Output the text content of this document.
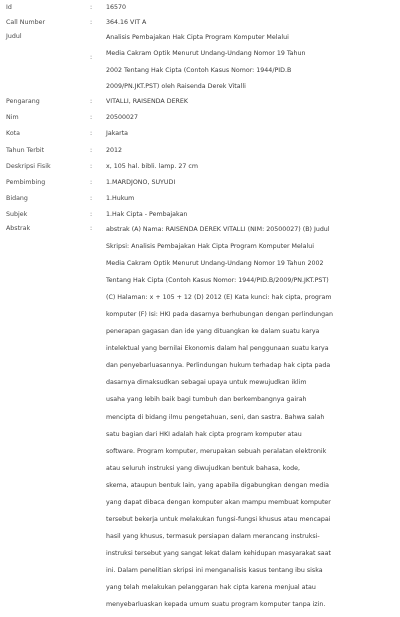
Id	: 16570
Call Number	: 364.16 VIT A
Judul
:
Analisis Pembajakan Hak Cipta Program Komputer Melalui
Media Cakram Optik Menurut Undang-Undang Nomor 19 Tahun
2002 Tentang Hak Cipta (Contoh Kasus Nomor: 1944/PID.B
2009/PN.JKT.PST) oleh Raisenda Derek Vitalli
Pengarang	: VITALLI, RAISENDA DEREK
Nim	: 20500027
Kota	: Jakarta
Tahun Terbit	: 2012
Deskripsi Fisik	: x, 105 hal. bibli. lamp. 27 cm
Pembimbing	: 1.MARDJONO, SUYUDI
Bidang	: 1.Hukum
Subjek	: 1.Hak Cipta - Pembajakan
Abstrak	: abstrak (A) Nama: RAISENDA DEREK VITALLI (NIM: 20500027) (B) Judul
Skripsi: Analisis Pembajakan Hak Cipta Program Komputer Melalui
Media Cakram Optik Menurut Undang-Undang Nomor 19 Tahun 2002
Tentang Hak Cipta (Contoh Kasus Nomor: 1944/PID.B/2009/PN.JKT.PST)
(C) Halaman: x + 105 + 12 (D) 2012 (E) Kata kunci: hak cipta, program
komputer (F) Isi: HKI pada dasarnya berhubungan dengan perlindungan
penerapan gagasan dan ide yang dituangkan ke dalam suatu karya
intelektual yang bernilai Ekonomis dalam hal penggunaan suatu karya
dan penyebarluasannya. Perlindungan hukum terhadap hak cipta pada
dasarnya dimaksudkan sebagai upaya untuk mewujudkan iklim
usaha yang lebih baik bagi tumbuh dan berkembangnya gairah
mencipta di bidang ilmu pengetahuan, seni, dan sastra. Bahwa salah
satu bagian dari HKI adalah hak cipta program komputer atau
software. Program komputer, merupakan sebuah peralatan elektronik
atau seluruh instruksi yang diwujudkan bentuk bahasa, kode,
skema, ataupun bentuk lain, yang apabila digabungkan dengan media
yang dapat dibaca dengan komputer akan mampu membuat komputer
tersebut bekerja untuk melakukan fungsi-fungsi khusus atau mencapai
hasil yang khusus, termasuk persiapan dalam merancang instruksi-
instruksi tersebut yang sangat lekat dalam kehidupan masyarakat saat
ini. Dalam penelitian skripsi ini menganalisis kasus tentang ibu siska
yang telah melakukan pelanggaran hak cipta karena menjual atau
menyebarluaskan kepada umum suatu program komputer tanpa izin.
